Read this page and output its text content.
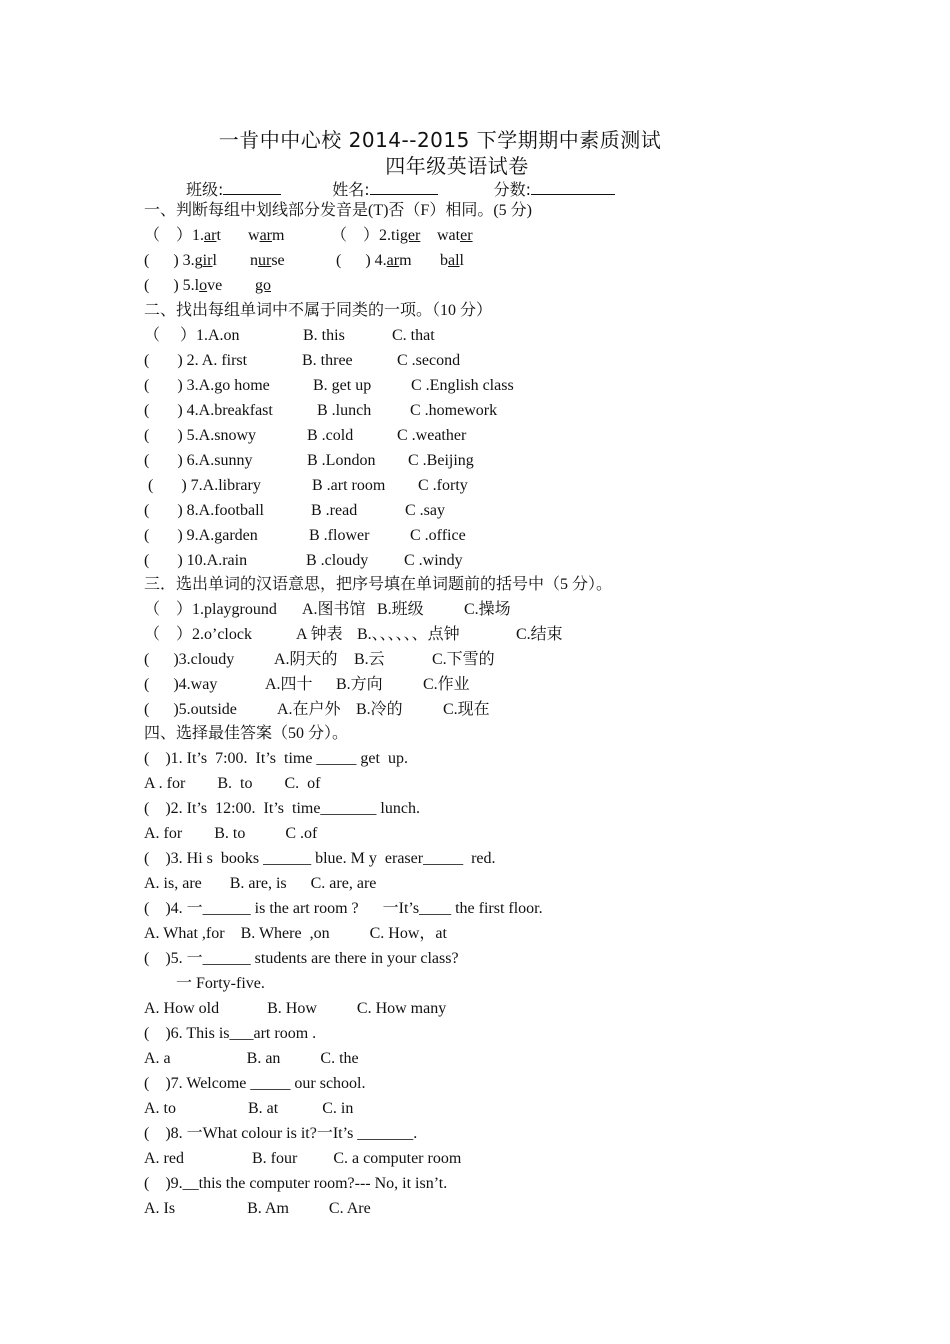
一肯中中心校 2014--2015 下学期期中素质测试
四年级英语试卷
班级:	姓名:	分数:
一、判断每组中划线部分发音是(T)否（F）相同。(5 分)
（    ）1.art warm	（    ）2.tiger water
(      ) 3.girl nurse	(      ) 4.arm ball
(      ) 5.love go
二、找出每组单词中不属于同类的一项。（10 分）
（     ）1.A.on	B. this	C. that
(       ) 2. A. first	B. three	C .second
(       ) 3.A.go home	B. get up C .English class
(       ) 4.A.breakfast	B .lunch C .homework
(       ) 5.A.snowy	B .cold	C .weather
(       ) 6.A.sunny	B .London C .Beijing
(       ) 7.A.library	B .art room C .forty
(       ) 8.A.football	B .read	C .say
(       ) 9.A.garden	B .flower	C .office
(       ) 10.A.rain	B .cloudy C .windy
三．选出单词的汉语意思，把序号填在单词题前的括号中（5 分）。
（    ）1.playground A.图书馆 B.班级	C.操场
（    ）2.o’clock	A 钟表 B.、、、、、、点钟	C.结束
(      )3.cloudy A.阴天的 B.云	C.下雪的
(      )4.way	A.四十 B.方向	C.作业
(      )5.outside	A.在户外 B.冷的	C.现在
四、选择最佳答案（50 分）。
(    )1. It’s  7:00.  It’s  time _____ get  up.
A . for        B.  to        C.  of
(    )2. It’s  12:00.  It’s  time_______ lunch.
A. for        B. to          C .of
(    )3. Hi s  books ______ blue. M y  eraser_____  red.
A. is, are       B. are, is      C. are, are
(    )4. 一______ is the art room ?      一It’s____ the first floor.
A. What ,for    B. Where  ,on          C. How，at
(    )5. 一______ students are there in your class?
一 Forty-five.
A. How old            B. How          C. How many
(    )6. This is___art room .
A. a                   B. an          C. the
(    )7. Welcome _____ our school.
A. to                  B. at           C. in
(    )8. 一What colour is it?一It’s _______.
A. red                 B. four         C. a computer room
(    )9.__this the computer room?--- No, it isn’t.
A. Is                  B. Am          C. Are
